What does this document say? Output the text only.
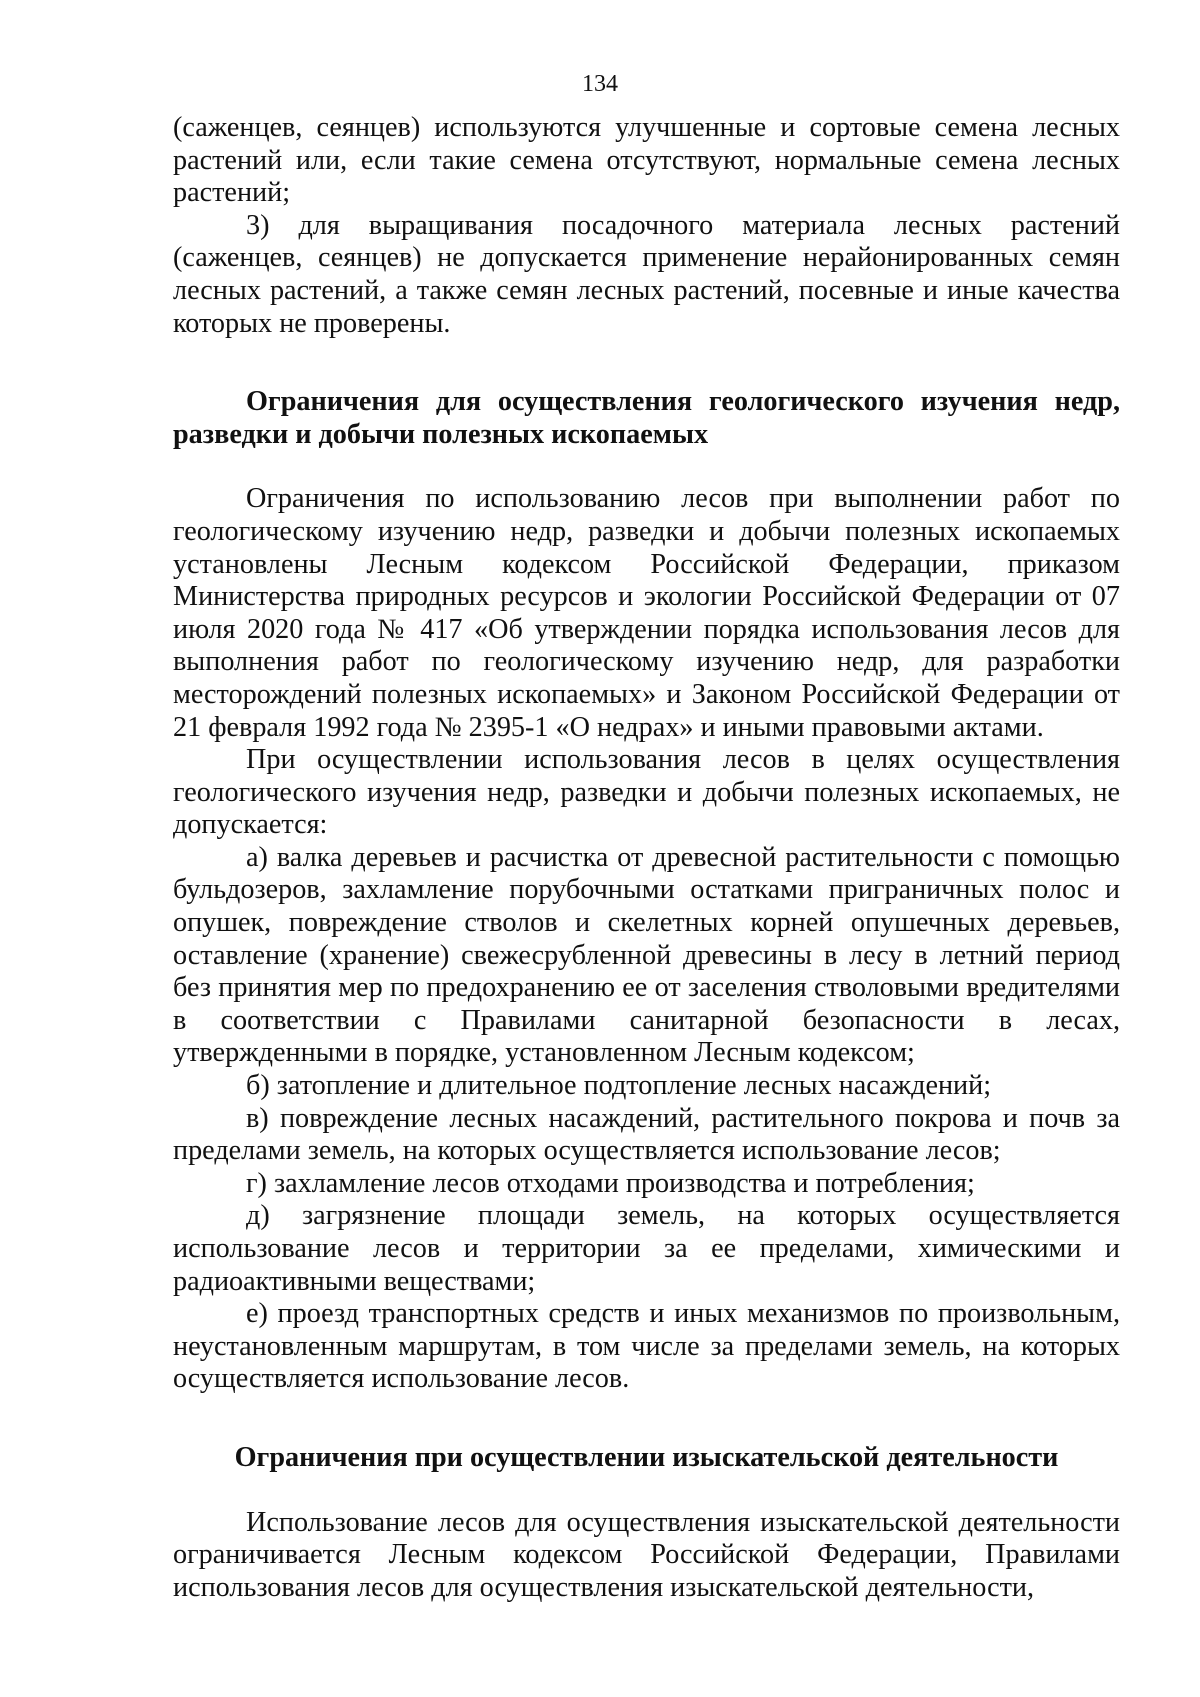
134

(саженцев, сеянцев) используются улучшенные и сортовые семена лесных растений или, если такие семена отсутствуют, нормальные семена лесных растений;

3) для выращивания посадочного материала лесных растений (саженцев, сеянцев) не допускается применение нерайонированных семян лесных растений, а также семян лесных растений, посевные и иные качества которых не проверены.

Ограничения для осуществления геологического изучения недр, разведки и добычи полезных ископаемых

Ограничения по использованию лесов при выполнении работ по геологическому изучению недр, разведки и добычи полезных ископаемых установлены Лесным кодексом Российской Федерации, приказом Министерства природных ресурсов и экологии Российской Федерации от 07 июля 2020 года № 417 «Об утверждении порядка использования лесов для выполнения работ по геологическому изучению недр, для разработки месторождений полезных ископаемых» и Законом Российской Федерации от 21 февраля 1992 года № 2395-1 «О недрах» и иными правовыми актами.

При осуществлении использования лесов в целях осуществления геологического изучения недр, разведки и добычи полезных ископаемых, не допускается:

а) валка деревьев и расчистка от древесной растительности с помощью бульдозеров, захламление порубочными остатками приграничных полос и опушек, повреждение стволов и скелетных корней опушечных деревьев, оставление (хранение) свежесрубленной древесины в лесу в летний период без принятия мер по предохранению ее от заселения стволовыми вредителями в соответствии с Правилами санитарной безопасности в лесах, утвержденными в порядке, установленном Лесным кодексом;

б) затопление и длительное подтопление лесных насаждений;

в) повреждение лесных насаждений, растительного покрова и почв за пределами земель, на которых осуществляется использование лесов;

г) захламление лесов отходами производства и потребления;

д) загрязнение площади земель, на которых осуществляется использование лесов и территории за ее пределами, химическими и радиоактивными веществами;

е) проезд транспортных средств и иных механизмов по произвольным, неустановленным маршрутам, в том числе за пределами земель, на которых осуществляется использование лесов.

Ограничения при осуществлении изыскательской деятельности

Использование лесов для осуществления изыскательской деятельности ограничивается Лесным кодексом Российской Федерации, Правилами использования лесов для осуществления изыскательской деятельности,
